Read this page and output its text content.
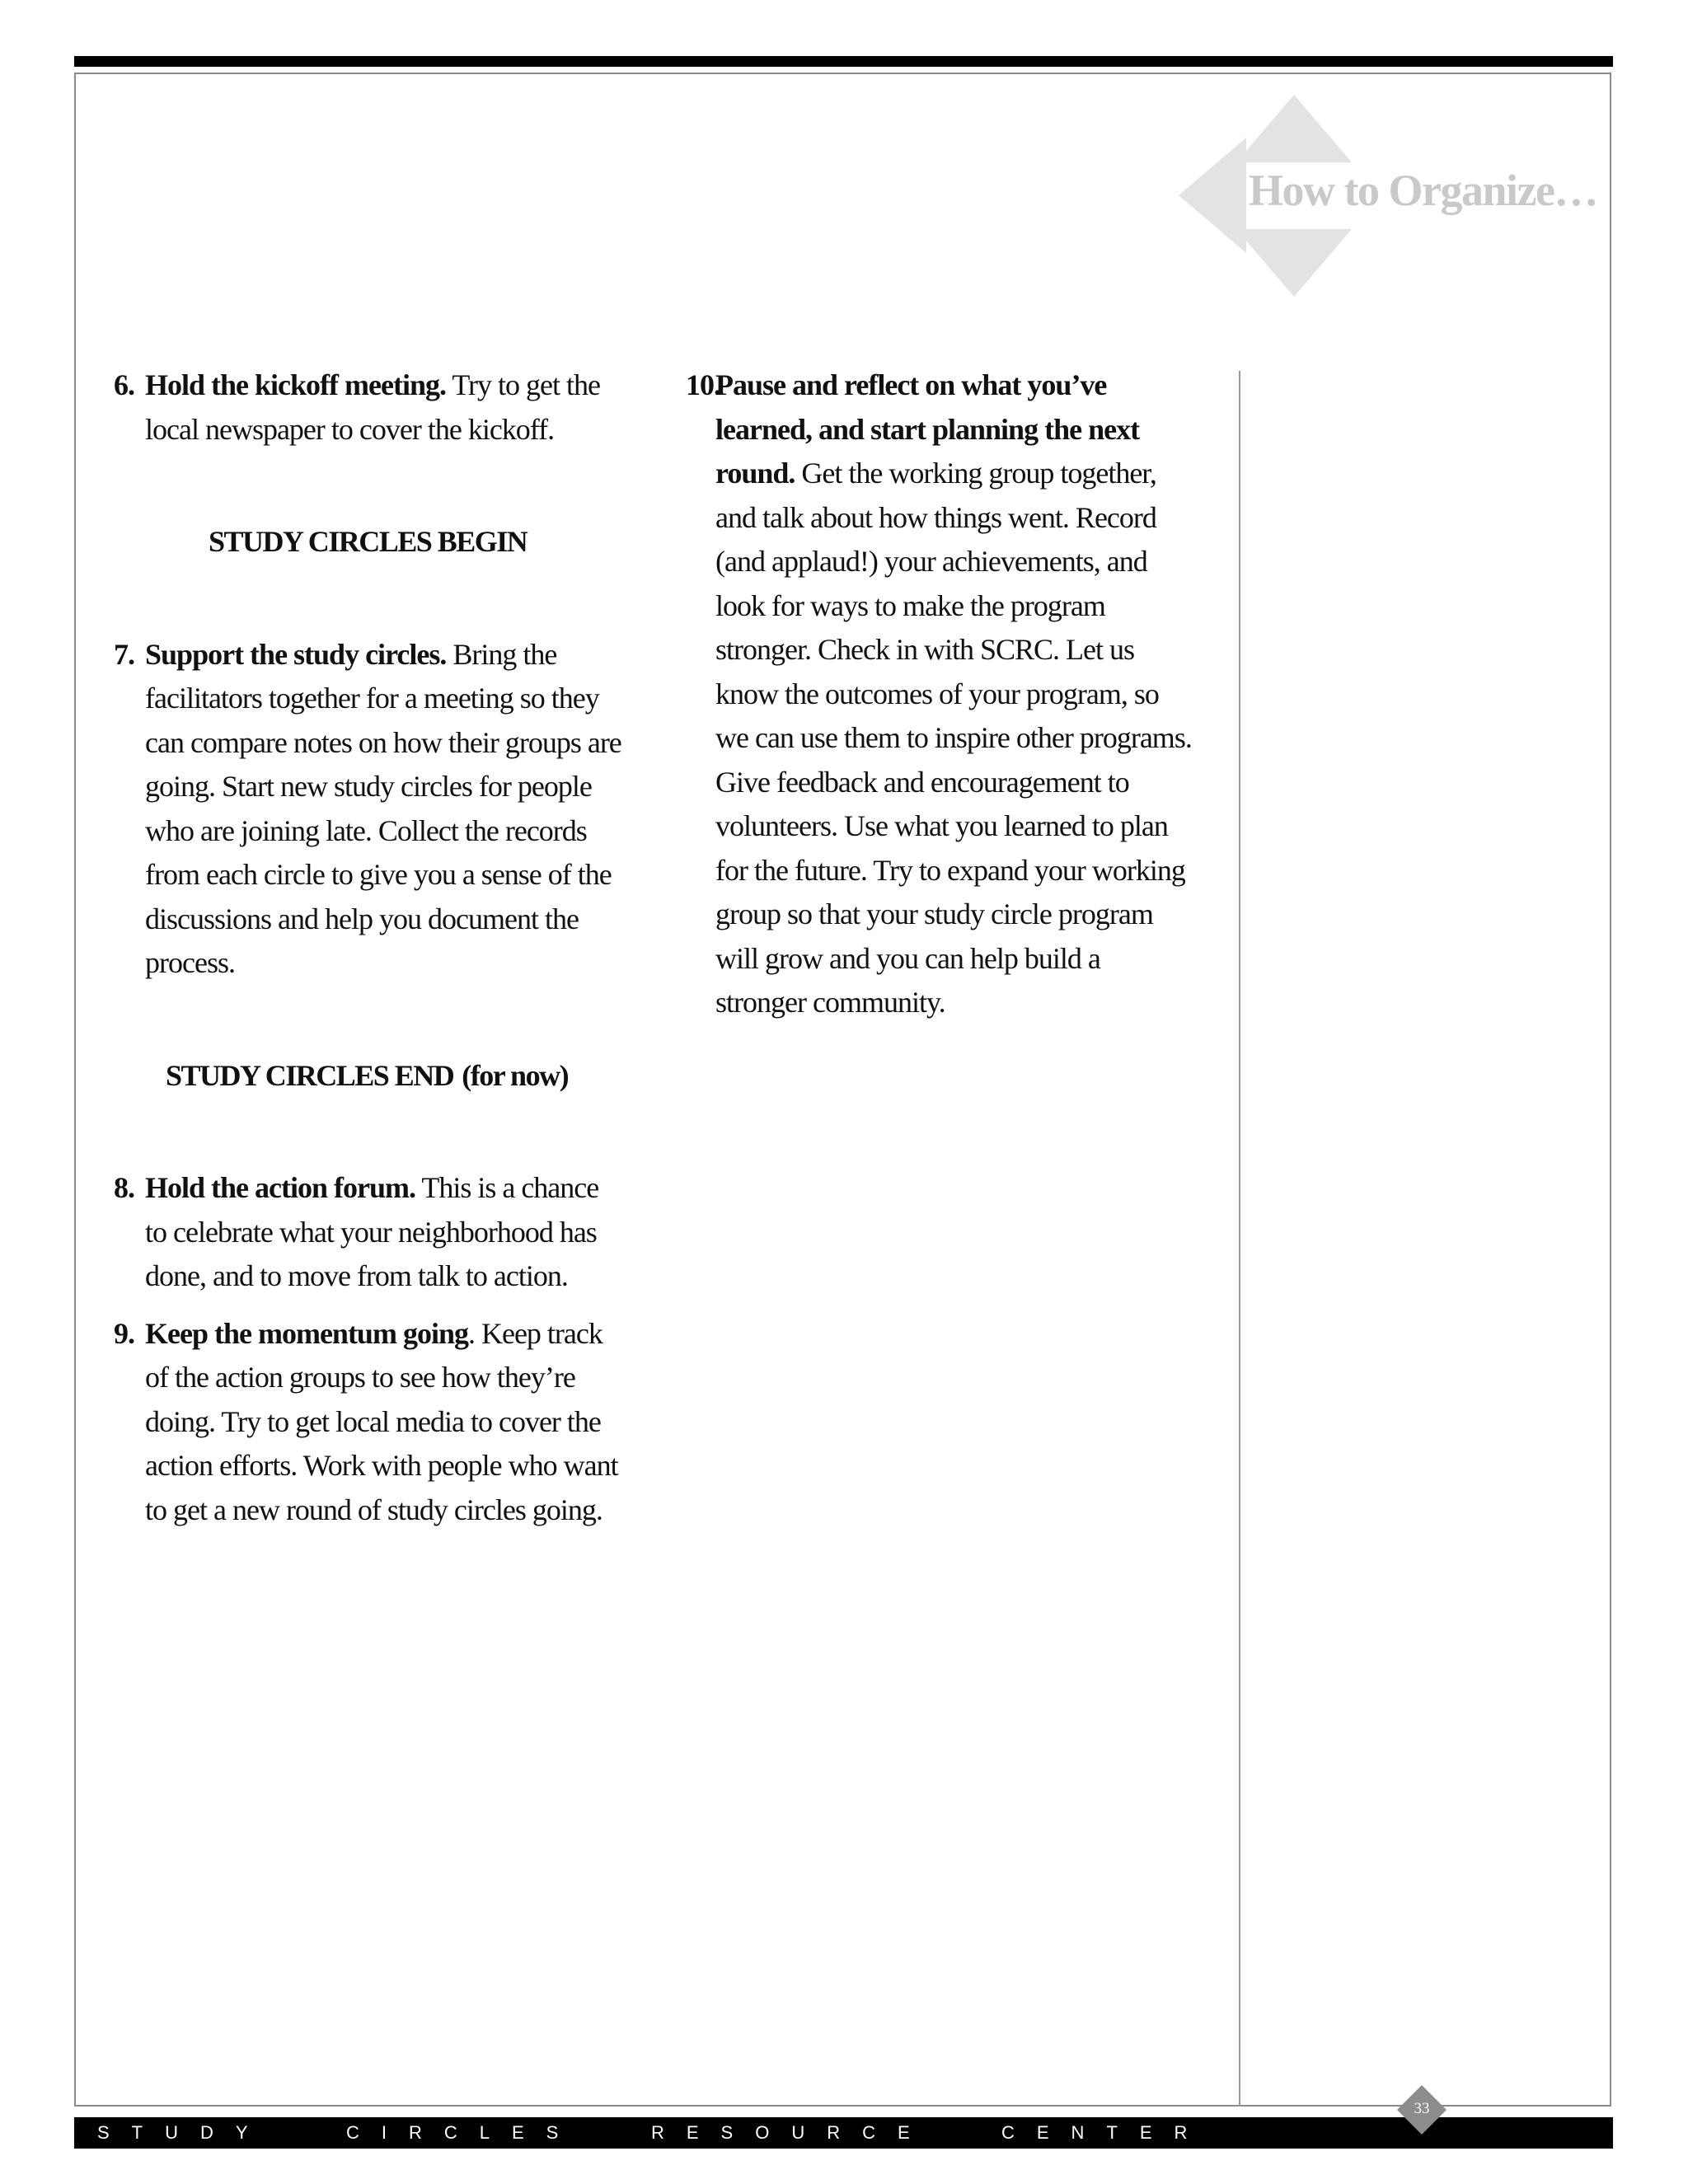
How to Organize…
6. Hold the kickoff meeting. Try to get the local newspaper to cover the kickoff.
STUDY CIRCLES BEGIN
7. Support the study circles. Bring the facilitators together for a meeting so they can compare notes on how their groups are going. Start new study circles for people who are joining late. Collect the records from each circle to give you a sense of the discussions and help you document the process.
STUDY CIRCLES END (for now)
8. Hold the action forum. This is a chance to celebrate what your neighborhood has done, and to move from talk to action.
9. Keep the momentum going. Keep track of the action groups to see how they’re doing. Try to get local media to cover the action efforts. Work with people who want to get a new round of study circles going.
10.
Pause and reflect on what you’ve learned, and start planning the next round. Get the working group together, and talk about how things went. Record (and applaud!) your achievements, and look for ways to make the program stronger. Check in with SCRC. Let us know the outcomes of your program, so we can use them to inspire other programs. Give feedback and encouragement to volunteers. Use what you learned to plan for the future. Try to expand your working group so that your study circle program will grow and you can help build a stronger community.
STUDY	CIRCLES	RESOURCE	CENTER
33
